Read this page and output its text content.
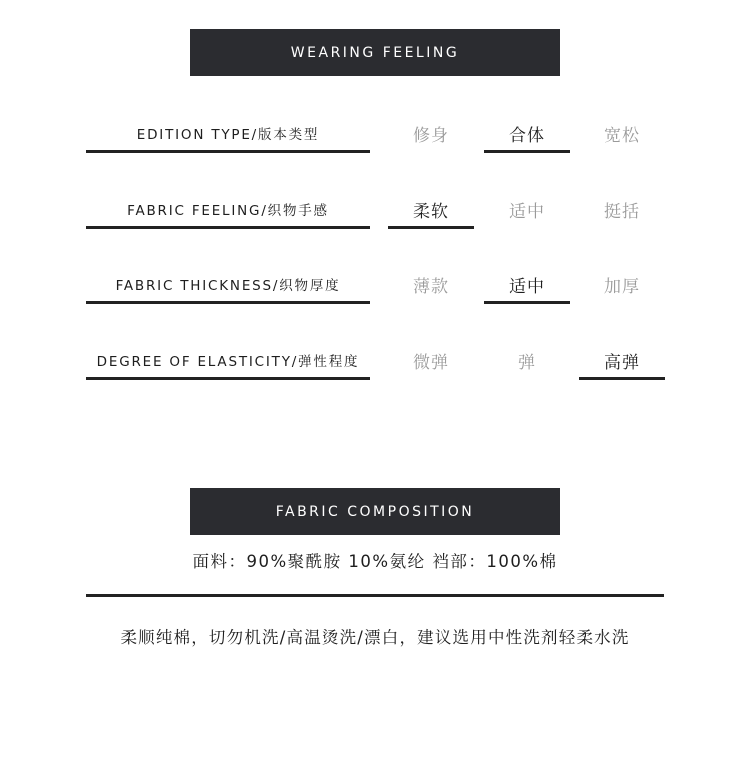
WEARING FEELING
EDITION TYPE/版本类型	修身	合体	宽松
FABRIC FEELING/织物手感	柔软	适中	挺括
FABRIC THICKNESS/织物厚度	薄款	适中	加厚
DEGREE OF ELASTICITY/弹性程度	微弹	弹	高弹
FABRIC COMPOSITION
面料：90%聚酰胺 10%氨纶 裆部：100%棉
柔顺纯棉，切勿机洗/高温烫洗/漂白，建议选用中性洗剂轻柔水洗
